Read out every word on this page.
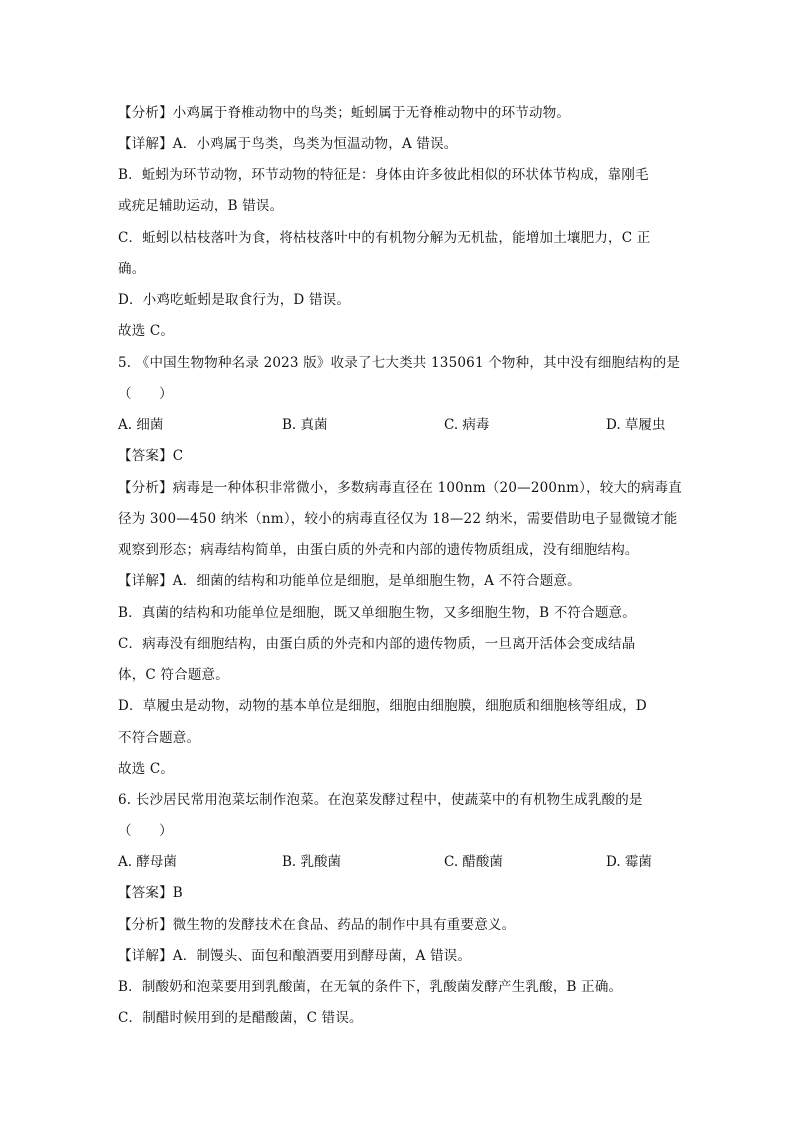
【分析】小鸡属于脊椎动物中的鸟类；蚯蚓属于无脊椎动物中的环节动物。
【详解】A．小鸡属于鸟类，鸟类为恒温动物，A 错误。
B．蚯蚓为环节动物，环节动物的特征是：身体由许多彼此相似的环状体节构成，靠刚毛
或疣足辅助运动，B 错误。
C．蚯蚓以枯枝落叶为食，将枯枝落叶中的有机物分解为无机盐，能增加土壤肥力，C 正
确。
D．小鸡吃蚯蚓是取食行为，D 错误。
故选 C。
5. 《中国生物物种名录 2023 版》收录了七大类共 135061 个物种，其中没有细胞结构的是
（　　）
A. 细菌	B. 真菌	C. 病毒	D. 草履虫
【答案】C
【分析】病毒是一种体积非常微小，多数病毒直径在 100nm（20—200nm），较大的病毒直
径为 300—450 纳米（nm），较小的病毒直径仅为 18—22 纳米，需要借助电子显微镜才能
观察到形态；病毒结构简单，由蛋白质的外壳和内部的遗传物质组成，没有细胞结构。
【详解】A．细菌的结构和功能单位是细胞，是单细胞生物，A 不符合题意。
B．真菌的结构和功能单位是细胞，既又单细胞生物，又多细胞生物，B 不符合题意。
C．病毒没有细胞结构，由蛋白质的外壳和内部的遗传物质，一旦离开活体会变成结晶
体，C 符合题意。
D．草履虫是动物，动物的基本单位是细胞，细胞由细胞膜，细胞质和细胞核等组成，D
不符合题意。
故选 C。
6. 长沙居民常用泡菜坛制作泡菜。在泡菜发酵过程中，使蔬菜中的有机物生成乳酸的是
（　　）
A. 酵母菌	B. 乳酸菌	C. 醋酸菌	D. 霉菌
【答案】B
【分析】微生物的发酵技术在食品、药品的制作中具有重要意义。
【详解】A．制馒头、面包和酿酒要用到酵母菌，A 错误。
B．制酸奶和泡菜要用到乳酸菌，在无氧的条件下，乳酸菌发酵产生乳酸，B 正确。
C．制醋时候用到的是醋酸菌，C 错误。
